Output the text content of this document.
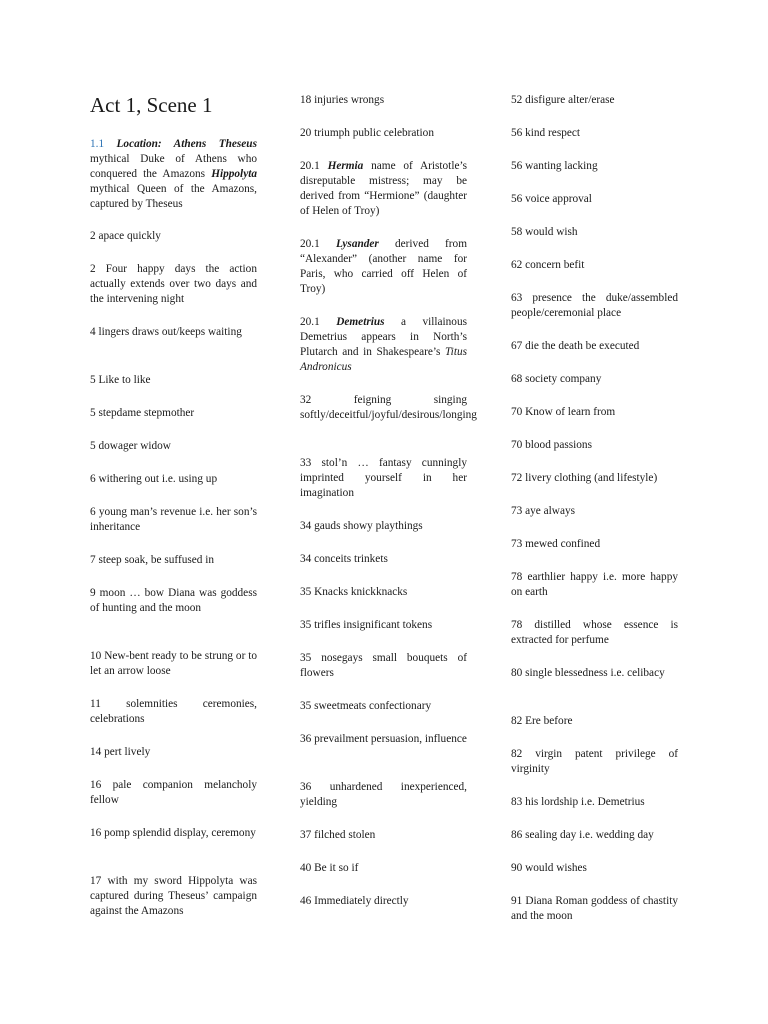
Act 1, Scene 1

1.1 Location: Athens Theseus mythical Duke of Athens who conquered the Amazons Hippolyta mythical Queen of the Amazons, captured by Theseus

2 apace quickly

2 Four happy days the action actually extends over two days and the intervening night

4 lingers draws out/keeps waiting

5 Like to like

5 stepdame stepmother

5 dowager widow

6 withering out i.e. using up

6 young man’s revenue i.e. her son’s inheritance

7 steep soak, be suffused in

9 moon … bow Diana was goddess of hunting and the moon

10 New-bent ready to be strung or to let an arrow loose

11 solemnities ceremonies, celebrations

14 pert lively

16 pale companion melancholy fellow

16 pomp splendid display, ceremony

17 with my sword Hippolyta was captured during Theseus’ campaign against the Amazons

18 injuries wrongs

20 triumph public celebration

20.1 Hermia name of Aristotle’s disreputable mistress; may be derived from “Hermione” (daughter of Helen of Troy)

20.1 Lysander derived from “Alexander” (another name for Paris, who carried off Helen of Troy)

20.1 Demetrius a villainous Demetrius appears in North’s Plutarch and in Shakespeare’s Titus Andronicus

32 feigning singing softly/deceitful/joyful/desirous/longing

33 stol’n … fantasy cunningly imprinted yourself in her imagination

34 gauds showy playthings

34 conceits trinkets

35 Knacks knickknacks

35 trifles insignificant tokens

35 nosegays small bouquets of flowers

35 sweetmeats confectionary

36 prevailment persuasion, influence

36 unhardened inexperienced, yielding

37 filched stolen

40 Be it so if

46 Immediately directly

52 disfigure alter/erase

56 kind respect

56 wanting lacking

56 voice approval

58 would wish

62 concern befit

63 presence the duke/assembled people/ceremonial place

67 die the death be executed

68 society company

70 Know of learn from

70 blood passions

72 livery clothing (and lifestyle)

73 aye always

73 mewed confined

78 earthlier happy i.e. more happy on earth

78 distilled whose essence is extracted for perfume

80 single blessedness i.e. celibacy

82 Ere before

82 virgin patent privilege of virginity

83 his lordship i.e. Demetrius

86 sealing day i.e. wedding day

90 would wishes

91 Diana Roman goddess of chastity and the moon
